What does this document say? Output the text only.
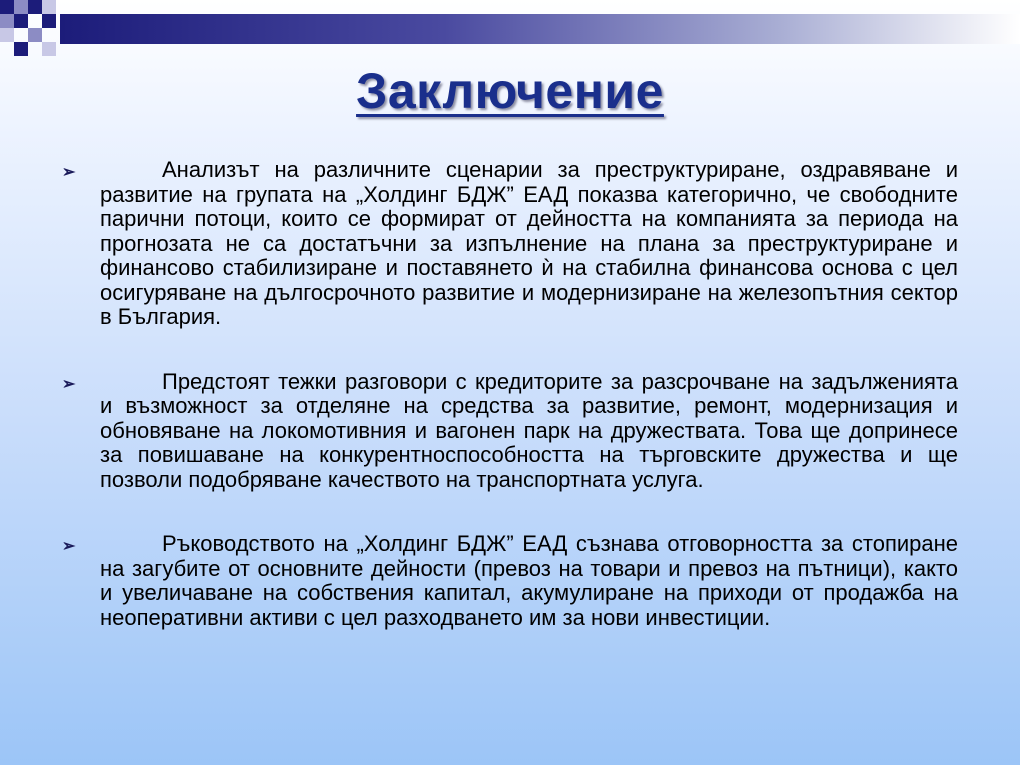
Заключение
➢	Анализът на различните сценарии за преструктуриране, оздравяване и развитие на групата на „Холдинг БДЖ” ЕАД показва категорично, че свободните парични потоци, които се формират от дейността на компанията за периода на прогнозата не са достатъчни за изпълнение на плана за преструктуриране и финансово стабилизиране и поставянето ѝ на стабилна финансова основа с цел осигуряване на дългосрочното развитие и модернизиране на железопътния сектор в България.
➢	Предстоят тежки разговори с кредиторите за разсрочване на задълженията и възможност за отделяне на средства за развитие, ремонт, модернизация и обновяване на локомотивния и вагонен парк на дружествата. Това ще допринесе за повишаване на конкурентноспособността на търговските дружества и ще позволи подобряване качеството на транспортната услуга.
➢	Ръководството на „Холдинг БДЖ” ЕАД съзнава отговорността за стопиране на загубите от основните дейности (превоз на товари и превоз на пътници), както и увеличаване на собствения капитал, акумулиране на приходи от продажба на неоперативни активи с цел разходването им за нови инвестиции.
